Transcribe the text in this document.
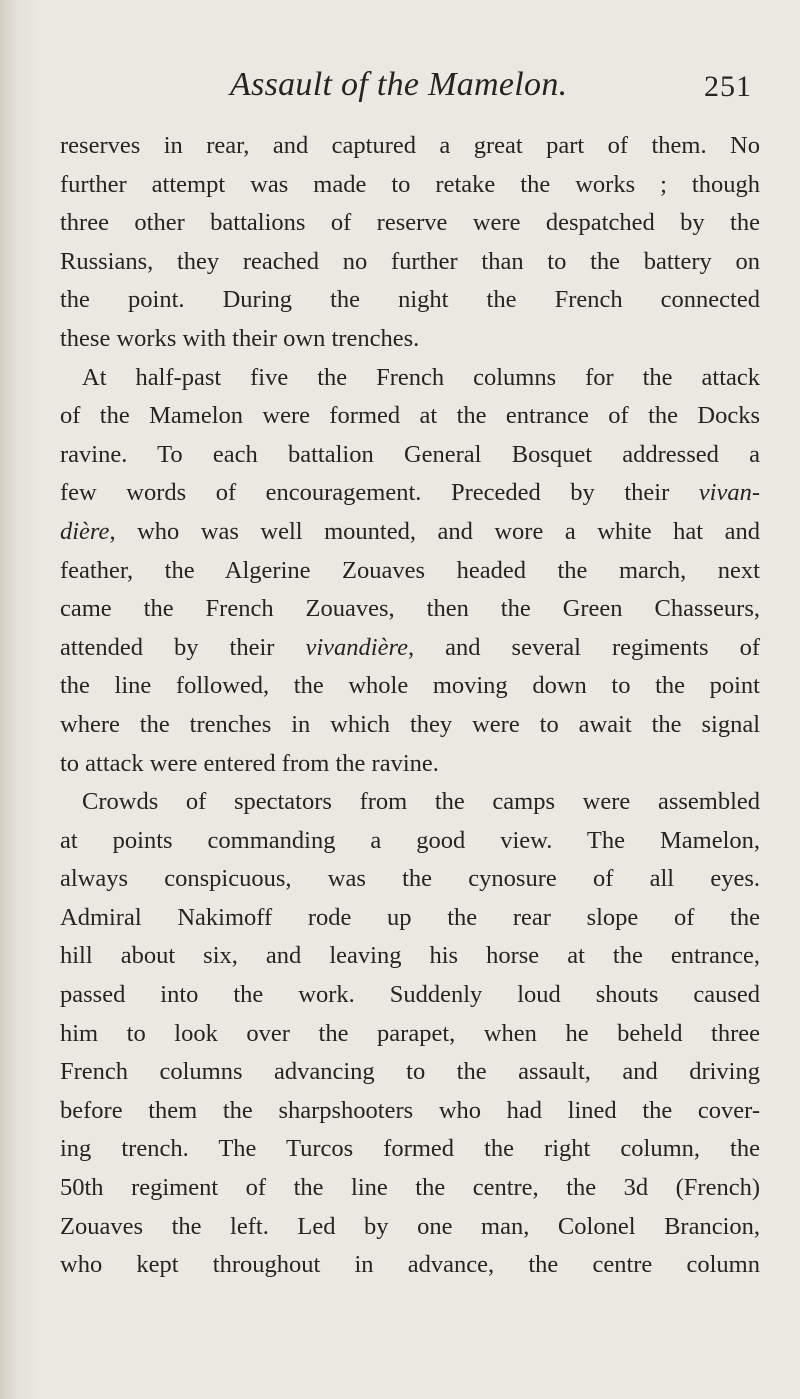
Assault of the Mamelon.	251
reserves in rear, and captured a great part of them. No
further attempt was made to retake the works ; though
three other battalions of reserve were despatched by the
Russians, they reached no further than to the battery on
the point. During the night the French connected
these works with their own trenches.
At half-past five the French columns for the attack
of the Mamelon were formed at the entrance of the Docks
ravine. To each battalion General Bosquet addressed a
few words of encouragement. Preceded by their vivan-
dière, who was well mounted, and wore a white hat and
feather, the Algerine Zouaves headed the march, next
came the French Zouaves, then the Green Chasseurs,
attended by their vivandière, and several regiments of
the line followed, the whole moving down to the point
where the trenches in which they were to await the signal
to attack were entered from the ravine.
Crowds of spectators from the camps were assembled
at points commanding a good view. The Mamelon,
always conspicuous, was the cynosure of all eyes.
Admiral Nakimoff rode up the rear slope of the
hill about six, and leaving his horse at the entrance,
passed into the work. Suddenly loud shouts caused
him to look over the parapet, when he beheld three
French columns advancing to the assault, and driving
before them the sharpshooters who had lined the cover-
ing trench. The Turcos formed the right column, the
50th regiment of the line the centre, the 3d (French)
Zouaves the left. Led by one man, Colonel Brancion,
who kept throughout in advance, the centre column
